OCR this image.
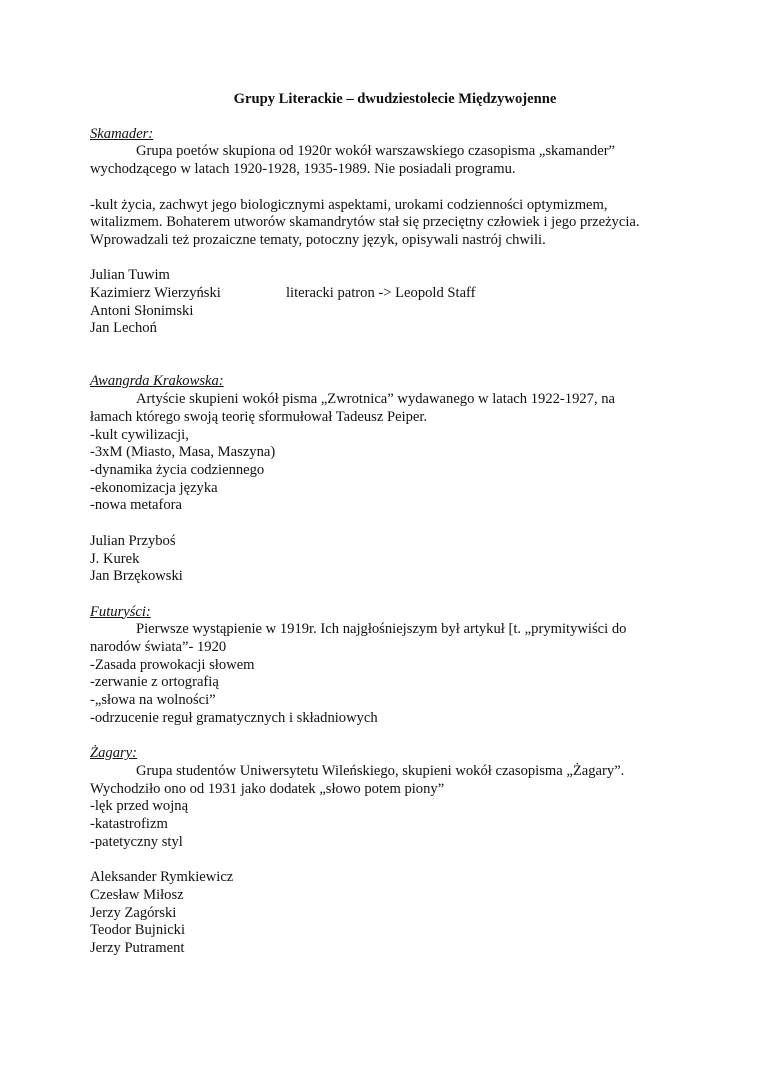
Grupy Literackie – dwudziestolecie Międzywojenne
Skamader:
Grupa poetów skupiona od 1920r wokół warszawskiego czasopisma „skamander”
wychodzącego w latach 1920-1928, 1935-1989. Nie posiadali programu.
-kult życia, zachwyt jego biologicznymi aspektami, urokami codzienności optymizmem,
witalizmem. Bohaterem utworów skamandrytów stał się przeciętny człowiek i jego przeżycia.
Wprowadzali też prozaiczne tematy, potoczny język, opisywali nastrój chwili.
Julian Tuwim
Kazimierz Wierzyński	literacki patron -> Leopold Staff
Antoni Słonimski
Jan Lechoń
Awangrda Krakowska:
Artyście skupieni wokół pisma „Zwrotnica” wydawanego w latach 1922-1927, na
łamach którego swoją teorię sformułował Tadeusz Peiper.
-kult cywilizacji,
-3xM (Miasto, Masa, Maszyna)
-dynamika życia codziennego
-ekonomizacja języka
-nowa metafora
Julian Przyboś
J. Kurek
Jan Brzękowski
Futuryści:
Pierwsze wystąpienie w 1919r. Ich najgłośniejszym był artykuł [t. „prymitywiści do
narodów świata”- 1920
-Zasada prowokacji słowem
-zerwanie z ortografią
-„słowa na wolności”
-odrzucenie reguł gramatycznych i składniowych
Żagary:
Grupa studentów Uniwersytetu Wileńskiego, skupieni wokół czasopisma „Żagary”.
Wychodziło ono od 1931 jako dodatek „słowo potem piony”
-lęk przed wojną
-katastrofizm
-patetyczny styl
Aleksander Rymkiewicz
Czesław Miłosz
Jerzy Zagórski
Teodor Bujnicki
Jerzy Putrament
